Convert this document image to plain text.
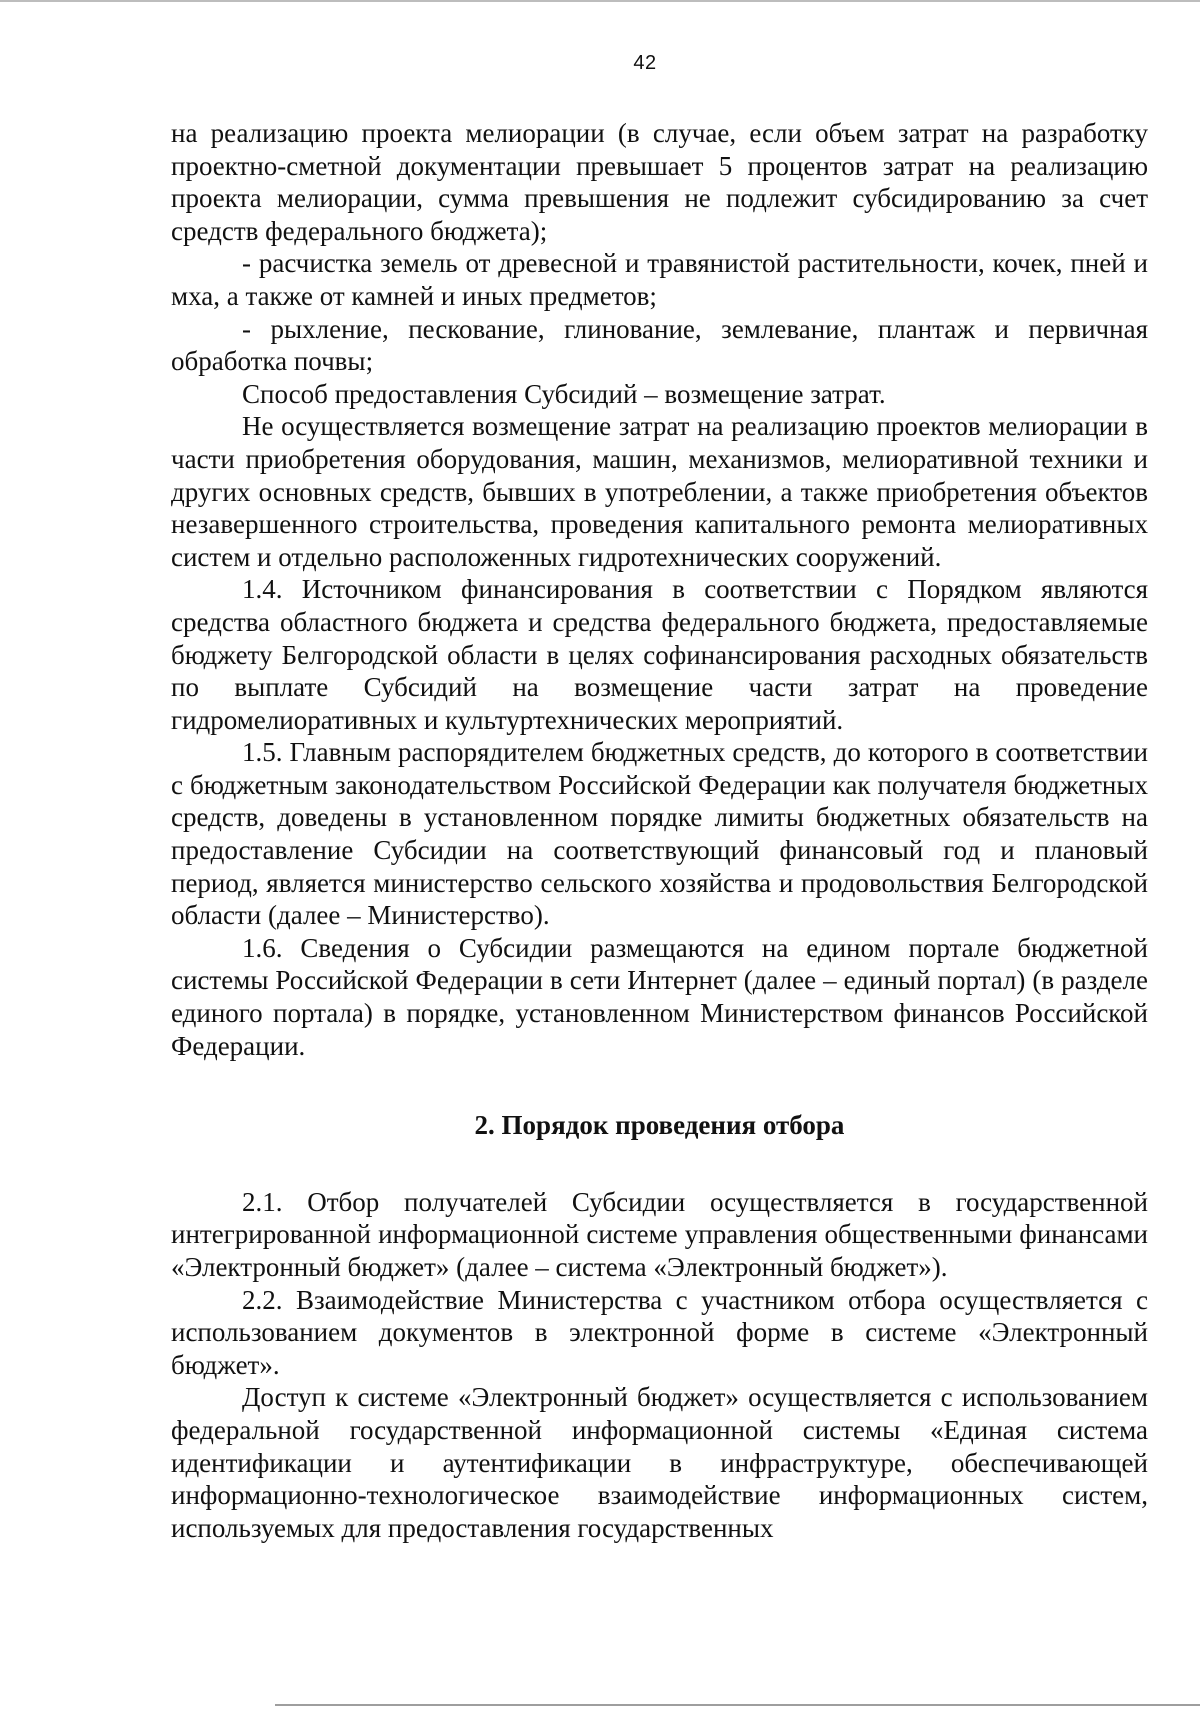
42

на реализацию проекта мелиорации (в случае, если объем затрат на разработку проектно-сметной документации превышает 5 процентов затрат на реализацию проекта мелиорации, сумма превышения не подлежит субсидированию за счет средств федерального бюджета);

- расчистка земель от древесной и травянистой растительности, кочек, пней и мха, а также от камней и иных предметов;

- рыхление, пескование, глинование, землевание, плантаж и первичная обработка почвы;

Способ предоставления Субсидий – возмещение затрат.

Не осуществляется возмещение затрат на реализацию проектов мелиорации в части приобретения оборудования, машин, механизмов, мелиоративной техники и других основных средств, бывших в употреблении, а также приобретения объектов незавершенного строительства, проведения капитального ремонта мелиоративных систем и отдельно расположенных гидротехнических сооружений.

1.4. Источником финансирования в соответствии с Порядком являются средства областного бюджета и средства федерального бюджета, предоставляемые бюджету Белгородской области в целях софинансирования расходных обязательств по выплате Субсидий на возмещение части затрат на проведение гидромелиоративных и культуртехнических мероприятий.

1.5. Главным распорядителем бюджетных средств, до которого в соответствии с бюджетным законодательством Российской Федерации как получателя бюджетных средств, доведены в установленном порядке лимиты бюджетных обязательств на предоставление Субсидии на соответствующий финансовый год и плановый период, является министерство сельского хозяйства и продовольствия Белгородской области (далее – Министерство).

1.6. Сведения о Субсидии размещаются на едином портале бюджетной системы Российской Федерации в сети Интернет (далее – единый портал) (в разделе единого портала) в порядке, установленном Министерством финансов Российской Федерации.

2. Порядок проведения отбора

2.1. Отбор получателей Субсидии осуществляется в государственной интегрированной информационной системе управления общественными финансами «Электронный бюджет» (далее – система «Электронный бюджет»).

2.2. Взаимодействие Министерства с участником отбора осуществляется с использованием документов в электронной форме в системе «Электронный бюджет».

Доступ к системе «Электронный бюджет» осуществляется с использованием федеральной государственной информационной системы «Единая система идентификации и аутентификации в инфраструктуре, обеспечивающей информационно-технологическое взаимодействие информационных систем, используемых для предоставления государственных
